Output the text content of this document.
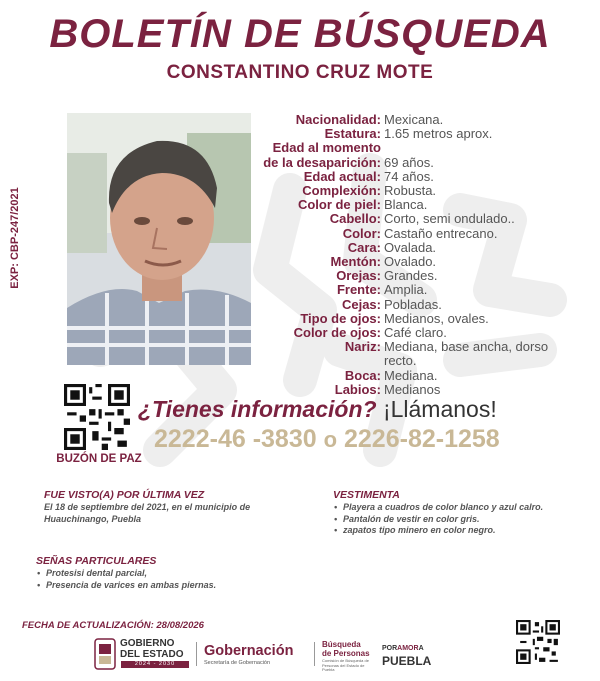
BOLETÍN DE BÚSQUEDA
CONSTANTINO CRUZ MOTE
EXP: CBP-247/2021
Nacionalidad: Mexicana.
Estatura: 1.65 metros aprox.
Edad al momento
de la desaparición: 69 años.
Edad actual: 74 años.
Complexión: Robusta.
Color de piel: Blanca.
Cabello: Corto, semi ondulado..
Color: Castaño entrecano.
Cara: Ovalada.
Mentón: Ovalado.
Orejas: Grandes.
Frente: Amplia.
Cejas: Pobladas.
Tipo de ojos: Medianos, ovales.
Color de ojos: Café claro.
Nariz: Mediana, base ancha, dorso recto.
Boca: Mediana.
Labios: Medianos
BUZÓN DE PAZ
¿Tienes información? ¡Llámanos!
2222-46 -3830 o 2226-82-1258
FUE VISTO(A) POR ÚLTIMA VEZ
El 18 de septiembre del 2021, en el municipio de Huauchinango, Puebla
VESTIMENTA
• Playera a cuadros de color blanco y azul calro.
• Pantalón de vestir en color gris.
• zapatos tipo minero en color negro.
SEÑAS PARTICULARES
• Protesisi dental parcial,
• Presencia de varices en ambas piernas.
FECHA DE ACTUALIZACIÓN: 28/08/2026
GOBIERNO
DEL ESTADO
2024 - 2030
Gobernación
Secretaría de Gobernación
Búsqueda
de Personas
Comisión de Búsqueda de Personas del Estado de Puebla
PORAMORA
PUEBLA
